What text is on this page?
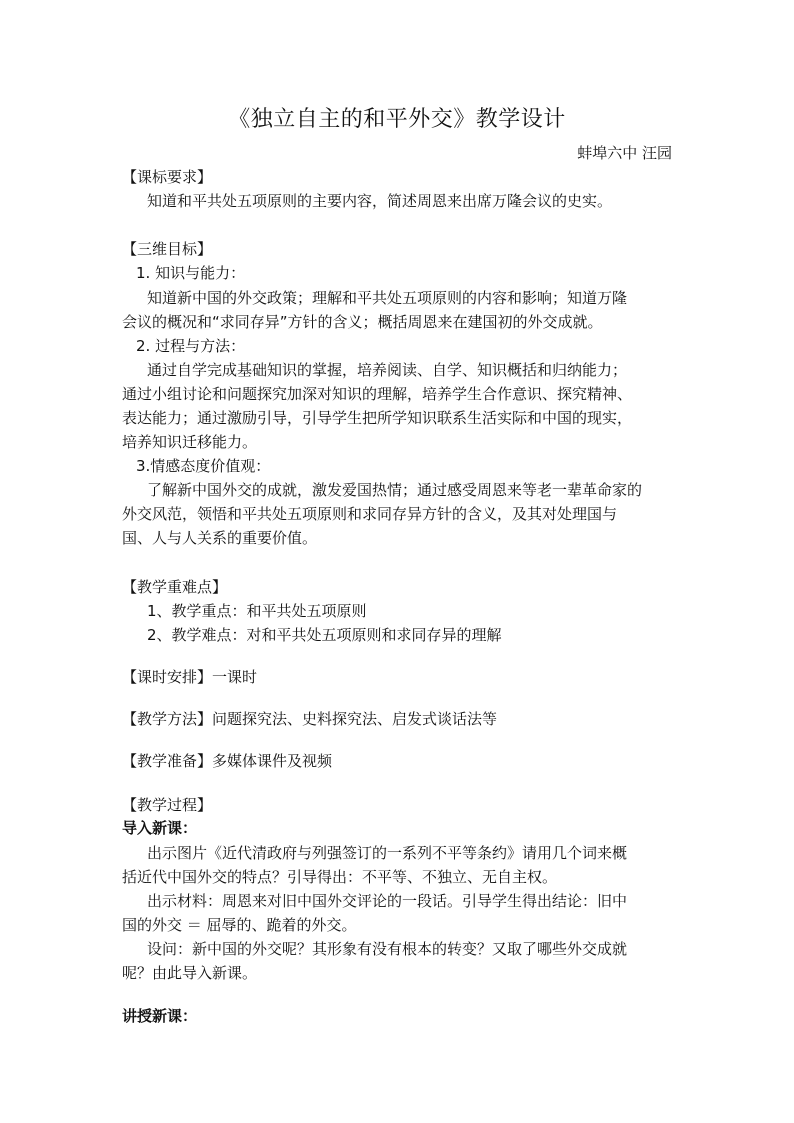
《独立自主的和平外交》教学设计
蚌埠六中 汪园
【课标要求】
知道和平共处五项原则的主要内容，简述周恩来出席万隆会议的史实。
【三维目标】
1. 知识与能力：
知道新中国的外交政策；理解和平共处五项原则的内容和影响；知道万隆
会议的概况和“求同存异”方针的含义；概括周恩来在建国初的外交成就。
2. 过程与方法：
通过自学完成基础知识的掌握，培养阅读、自学、知识概括和归纳能力；
通过小组讨论和问题探究加深对知识的理解，培养学生合作意识、探究精神、
表达能力；通过激励引导，引导学生把所学知识联系生活实际和中国的现实，
培养知识迁移能力。
3.情感态度价值观：
了解新中国外交的成就，激发爱国热情；通过感受周恩来等老一辈革命家的
外交风范，领悟和平共处五项原则和求同存异方针的含义，及其对处理国与
国、人与人关系的重要价值。
【教学重难点】
1、教学重点：和平共处五项原则
2、教学难点：对和平共处五项原则和求同存异的理解
【课时安排】一课时
【教学方法】问题探究法、史料探究法、启发式谈话法等
【教学准备】多媒体课件及视频
【教学过程】
导入新课：
出示图片《近代清政府与列强签订的一系列不平等条约》请用几个词来概
括近代中国外交的特点？引导得出：不平等、不独立、无自主权。
出示材料：周恩来对旧中国外交评论的一段话。引导学生得出结论：旧中
国的外交 ＝ 屈辱的、跪着的外交。
设问：新中国的外交呢？其形象有没有根本的转变？又取了哪些外交成就
呢？由此导入新课。
讲授新课：
